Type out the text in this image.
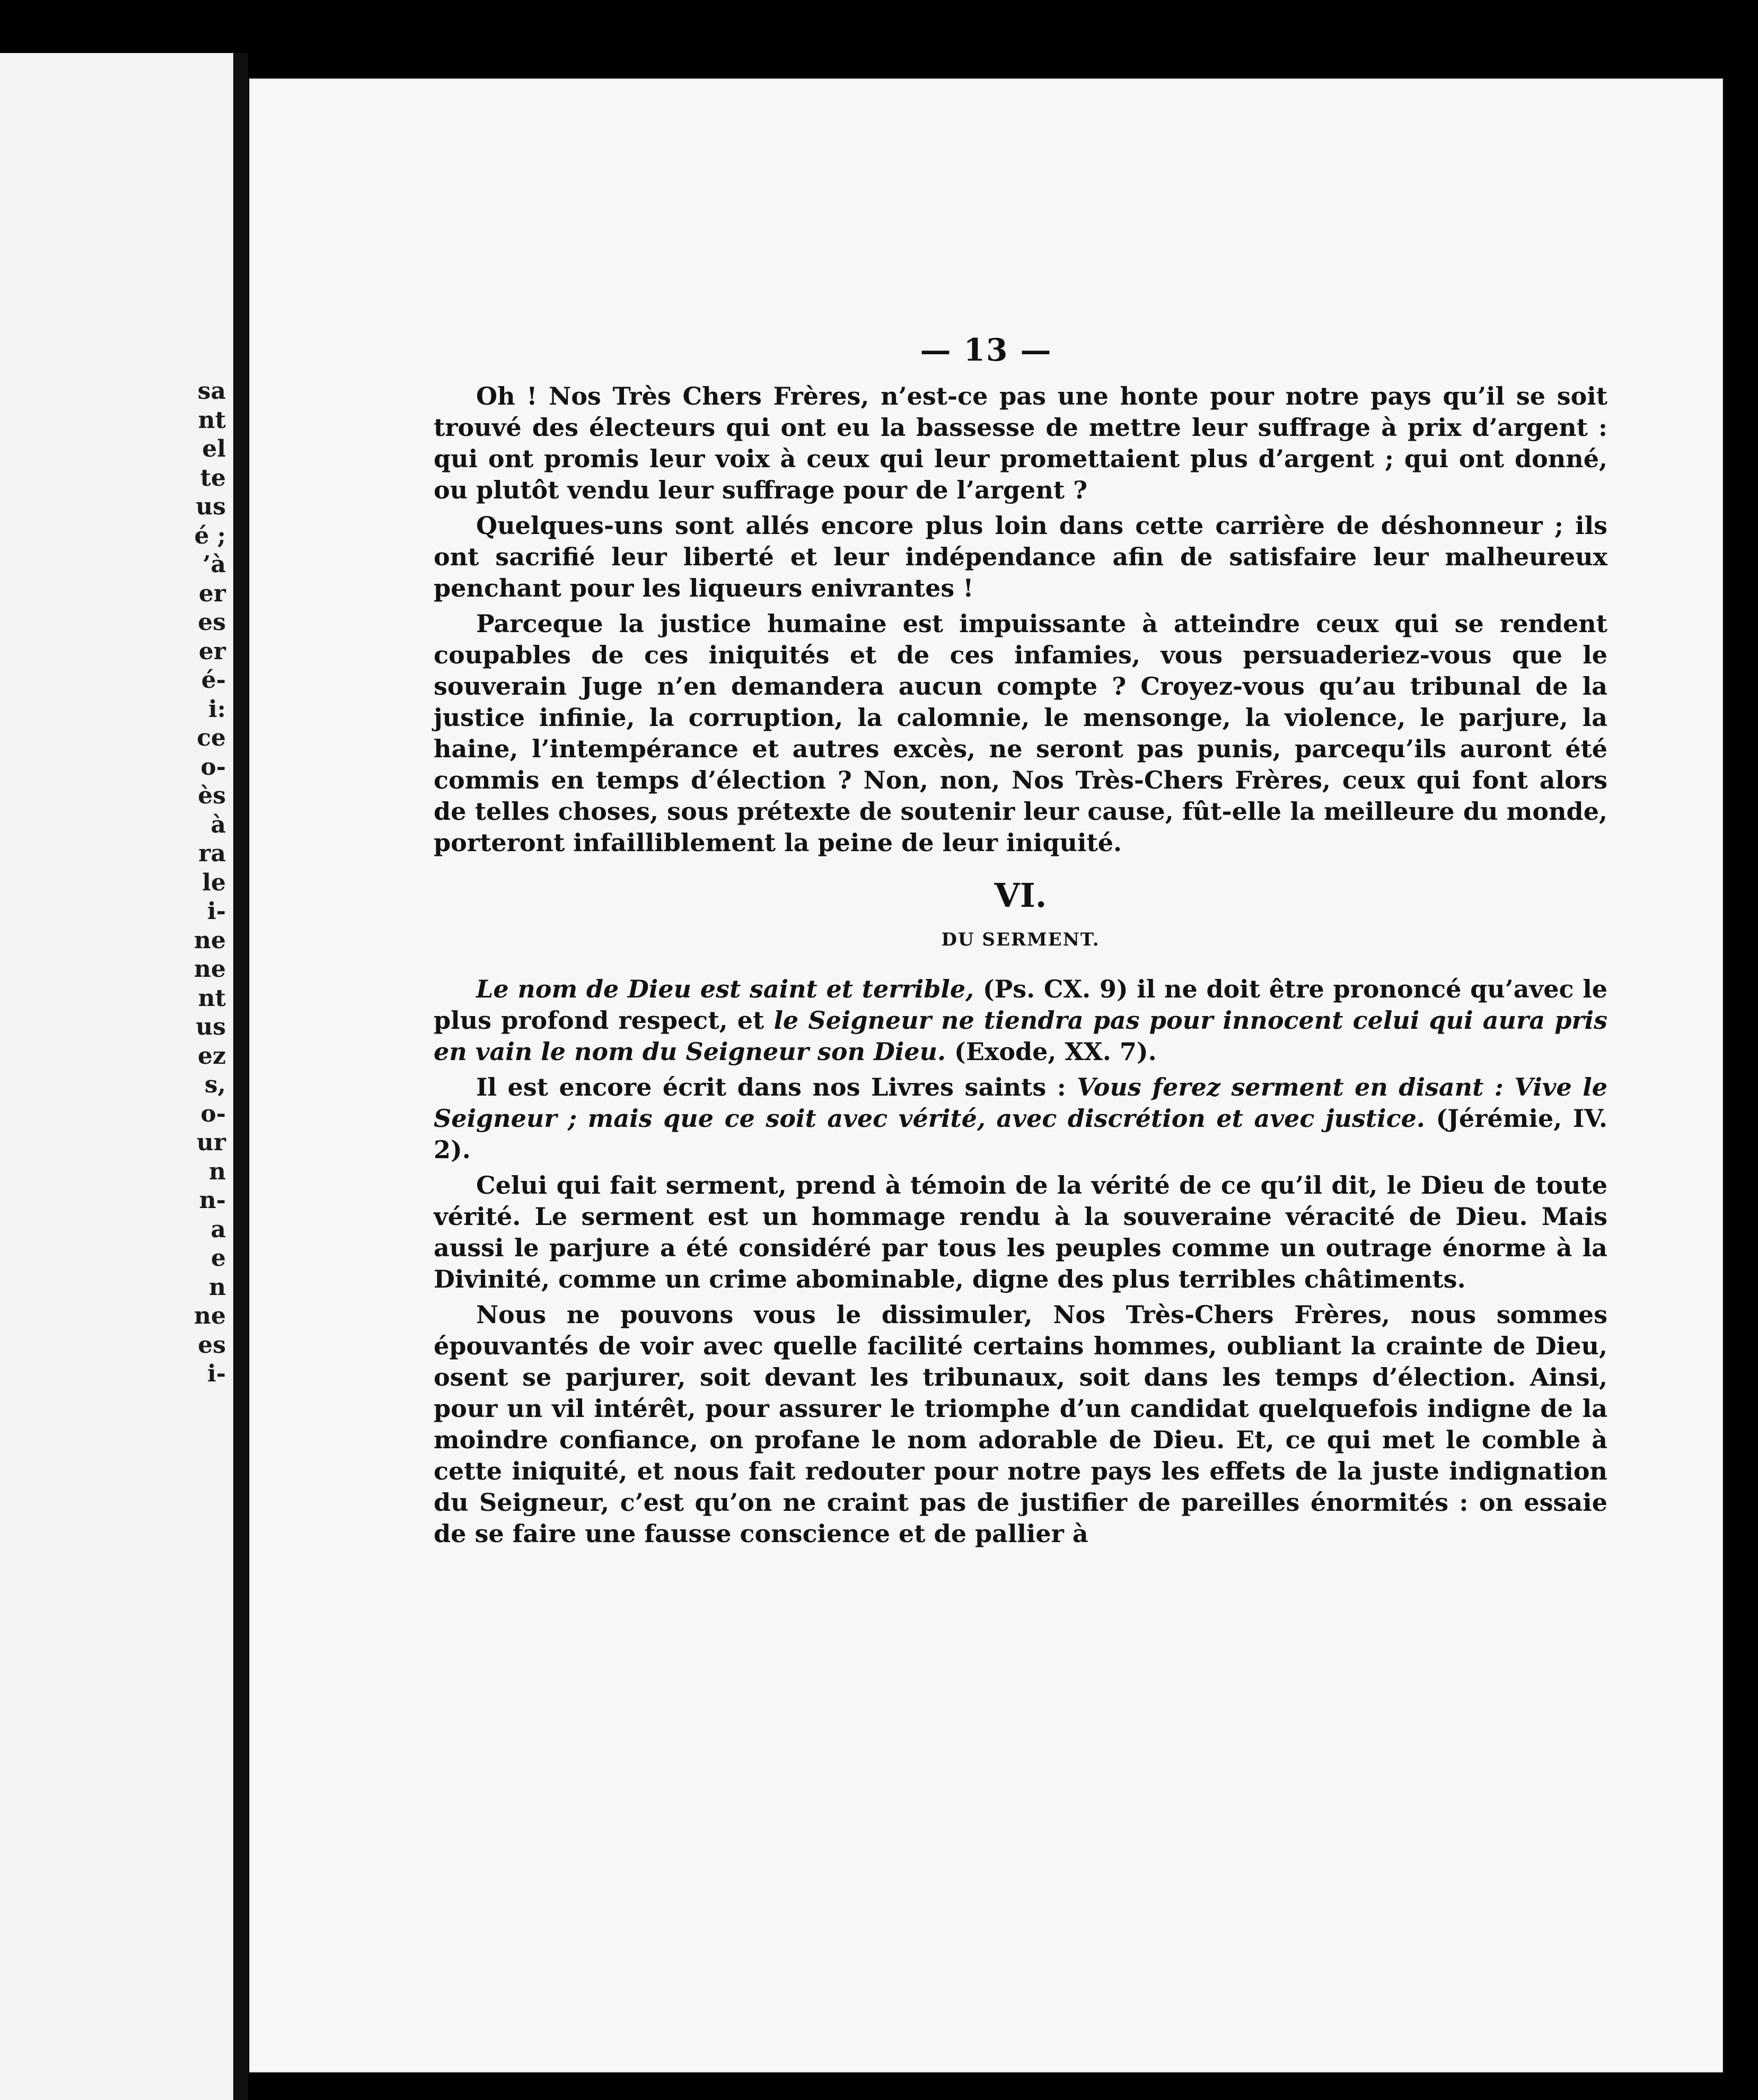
sa
nt
el
te
us
é ;
’à
er
es
er
é-
i:
ce
o-
ès
à
ra
le
i-
ne
ne
nt
us
ez
s,
o-
ur
n
n-
a
e
n
ne
es
i-
— 13 —

Oh ! Nos Très Chers Frères, n’est-ce pas une honte pour notre pays qu’il se soit trouvé des électeurs qui ont eu la bassesse de mettre leur suffrage à prix d’argent : qui ont promis leur voix à ceux qui leur promettaient plus d’argent ; qui ont donné, ou plutôt vendu leur suffrage pour de l’argent ?

Quelques-uns sont allés encore plus loin dans cette carrière de déshonneur ; ils ont sacrifié leur liberté et leur indépendance afin de satisfaire leur malheureux penchant pour les liqueurs enivrantes !

Parceque la justice humaine est impuissante à atteindre ceux qui se rendent coupables de ces iniquités et de ces infamies, vous persuaderiez-vous que le souverain Juge n’en demandera aucun compte ? Croyez-vous qu’au tribunal de la justice infinie, la corruption, la calomnie, le mensonge, la violence, le parjure, la haine, l’intempérance et autres excès, ne seront pas punis, parcequ’ils auront été commis en temps d’élection ? Non, non, Nos Très-Chers Frères, ceux qui font alors de telles choses, sous prétexte de soutenir leur cause, fût-elle la meilleure du monde, porteront infailliblement la peine de leur iniquité.

VI.
DU SERMENT.

Le nom de Dieu est saint et terrible, (Ps. CX. 9) il ne doit être prononcé qu’avec le plus profond respect, et le Seigneur ne tiendra pas pour innocent celui qui aura pris en vain le nom du Seigneur son Dieu. (Exode, XX. 7).

Il est encore écrit dans nos Livres saints : Vous ferez serment en disant : Vive le Seigneur ; mais que ce soit avec vérité, avec discrétion et avec justice. (Jérémie, IV. 2).

Celui qui fait serment, prend à témoin de la vérité de ce qu’il dit, le Dieu de toute vérité. Le serment est un hommage rendu à la souveraine véracité de Dieu. Mais aussi le parjure a été considéré par tous les peuples comme un outrage énorme à la Divinité, comme un crime abominable, digne des plus terribles châtiments.

Nous ne pouvons vous le dissimuler, Nos Très-Chers Frères, nous sommes épouvantés de voir avec quelle facilité certains hommes, oubliant la crainte de Dieu, osent se parjurer, soit devant les tribunaux, soit dans les temps d’élection. Ainsi, pour un vil intérêt, pour assurer le triomphe d’un candidat quelquefois indigne de la moindre confiance, on profane le nom adorable de Dieu. Et, ce qui met le comble à cette iniquité, et nous fait redouter pour notre pays les effets de la juste indignation du Seigneur, c’est qu’on ne craint pas de justifier de pareilles énormités : on essaie de se faire une fausse conscience et de pallier à
